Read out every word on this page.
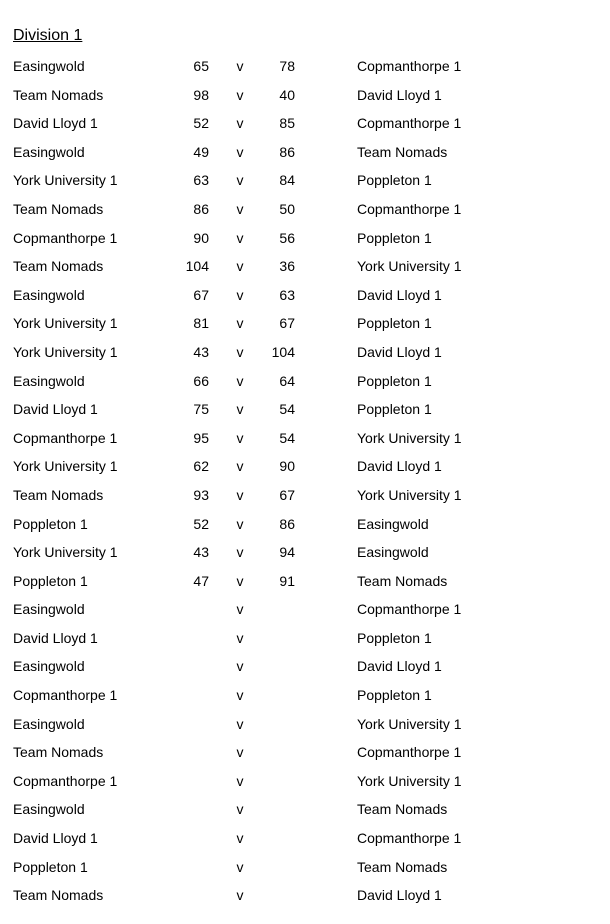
Division 1
Easingwold	65 v	78	Copmanthorpe 1
Team Nomads	98 v	40	David Lloyd 1
David Lloyd 1	52 v	85	Copmanthorpe 1
Easingwold	49 v	86	Team Nomads
York University 1	63 v	84	Poppleton 1
Team Nomads	86 v	50	Copmanthorpe 1
Copmanthorpe 1	90 v	56	Poppleton 1
Team Nomads	104 v	36	York University 1
Easingwold	67 v	63	David Lloyd 1
York University 1	81 v	67	Poppleton 1
York University 1	43 v	104	David Lloyd 1
Easingwold	66 v	64	Poppleton 1
David Lloyd 1	75 v	54	Poppleton 1
Copmanthorpe 1	95 v	54	York University 1
York University 1	62 v	90	David Lloyd 1
Team Nomads	93 v	67	York University 1
Poppleton 1	52 v	86	Easingwold
York University 1	43 v	94	Easingwold
Poppleton 1	47 v	91	Team Nomads
Easingwold	v	Copmanthorpe 1
David Lloyd 1	v	Poppleton 1
Easingwold	v	David Lloyd 1
Copmanthorpe 1	v	Poppleton 1
Easingwold	v	York University 1
Team Nomads	v	Copmanthorpe 1
Copmanthorpe 1	v	York University 1
Easingwold	v	Team Nomads
David Lloyd 1	v	Copmanthorpe 1
Poppleton 1	v	Team Nomads
Team Nomads	v	David Lloyd 1
